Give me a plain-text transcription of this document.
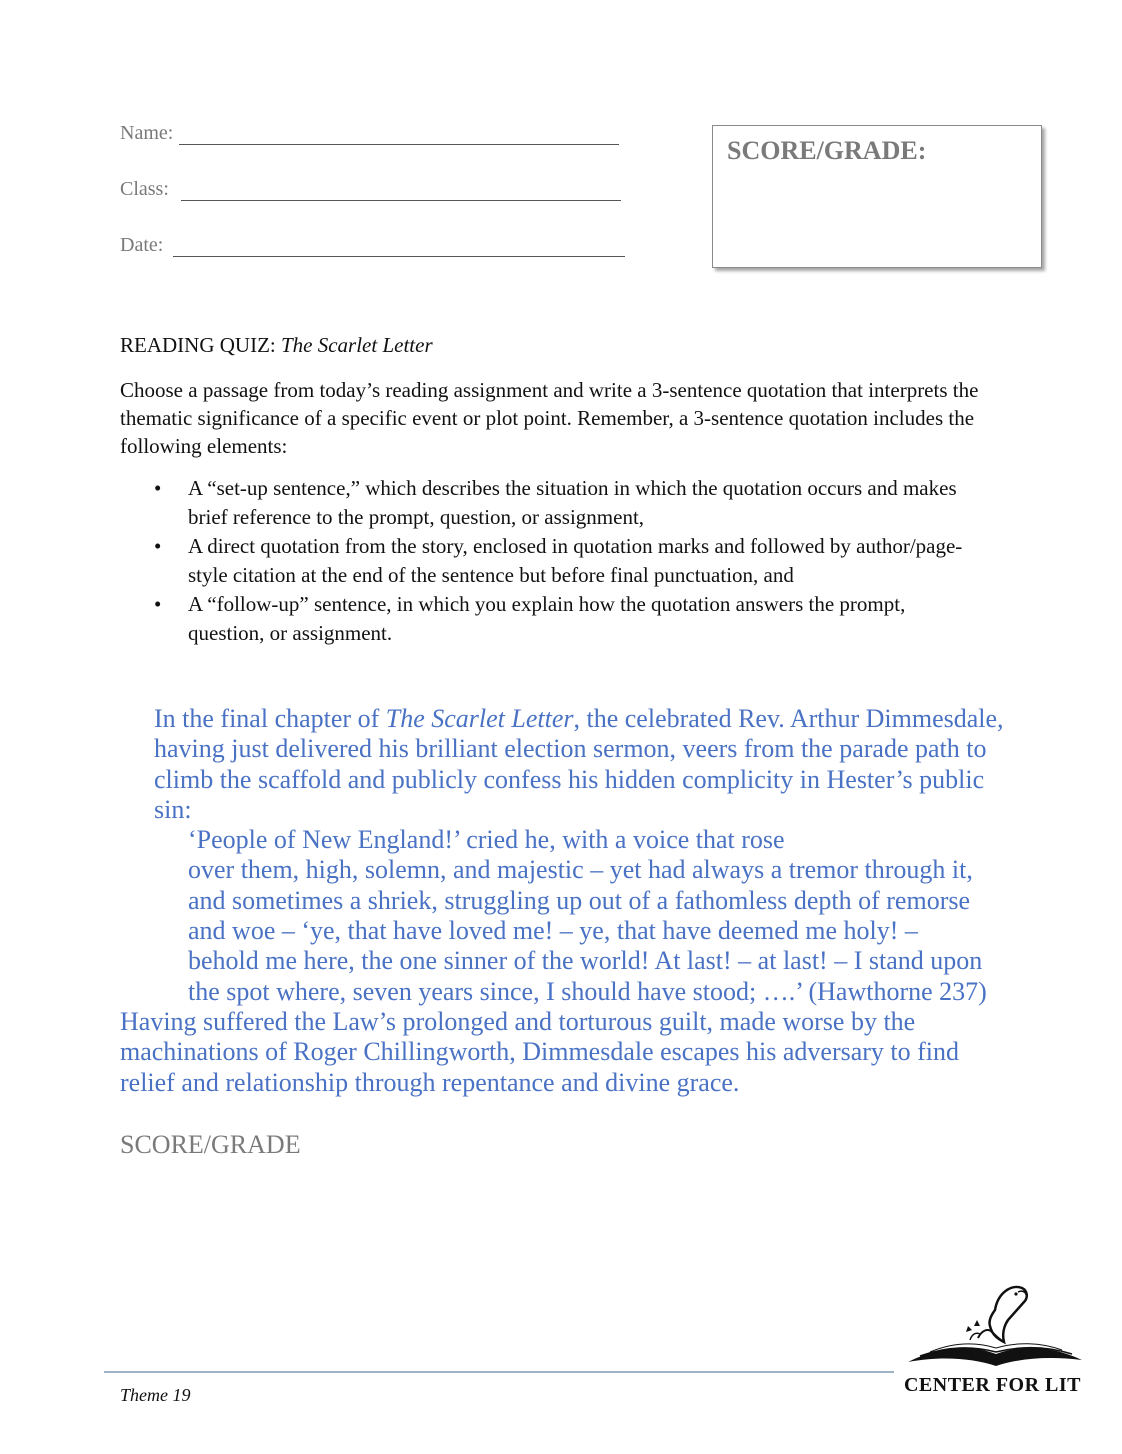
Name:
Class:
Date:
SCORE/GRADE:
READING QUIZ: The Scarlet Letter

Choose a passage from today’s reading assignment and write a 3-sentence quotation that interprets the thematic significance of a specific event or plot point. Remember, a 3-sentence quotation includes the following elements:

• A “set-up sentence,” which describes the situation in which the quotation occurs and makes brief reference to the prompt, question, or assignment,
• A direct quotation from the story, enclosed in quotation marks and followed by author/page-style citation at the end of the sentence but before final punctuation, and
• A “follow-up” sentence, in which you explain how the quotation answers the prompt, question, or assignment.

In the final chapter of The Scarlet Letter, the celebrated Rev. Arthur Dimmesdale, having just delivered his brilliant election sermon, veers from the parade path to climb the scaffold and publicly confess his hidden complicity in Hester’s public sin:

‘People of New England!’ cried he, with a voice that rose
over them, high, solemn, and majestic – yet had always a tremor through it,
and sometimes a shriek, struggling up out of a fathomless depth of remorse
and woe – ‘ye, that have loved me! – ye, that have deemed me holy! –
behold me here, the one sinner of the world! At last! – at last! – I stand upon
the spot where, seven years since, I should have stood; ….’ (Hawthorne 237)

Having suffered the Law’s prolonged and torturous guilt, made worse by the machinations of Roger Chillingworth, Dimmesdale escapes his adversary to find relief and relationship through repentance and divine grace.

SCORE/GRADE
Theme 19	CENTER FOR LIT
